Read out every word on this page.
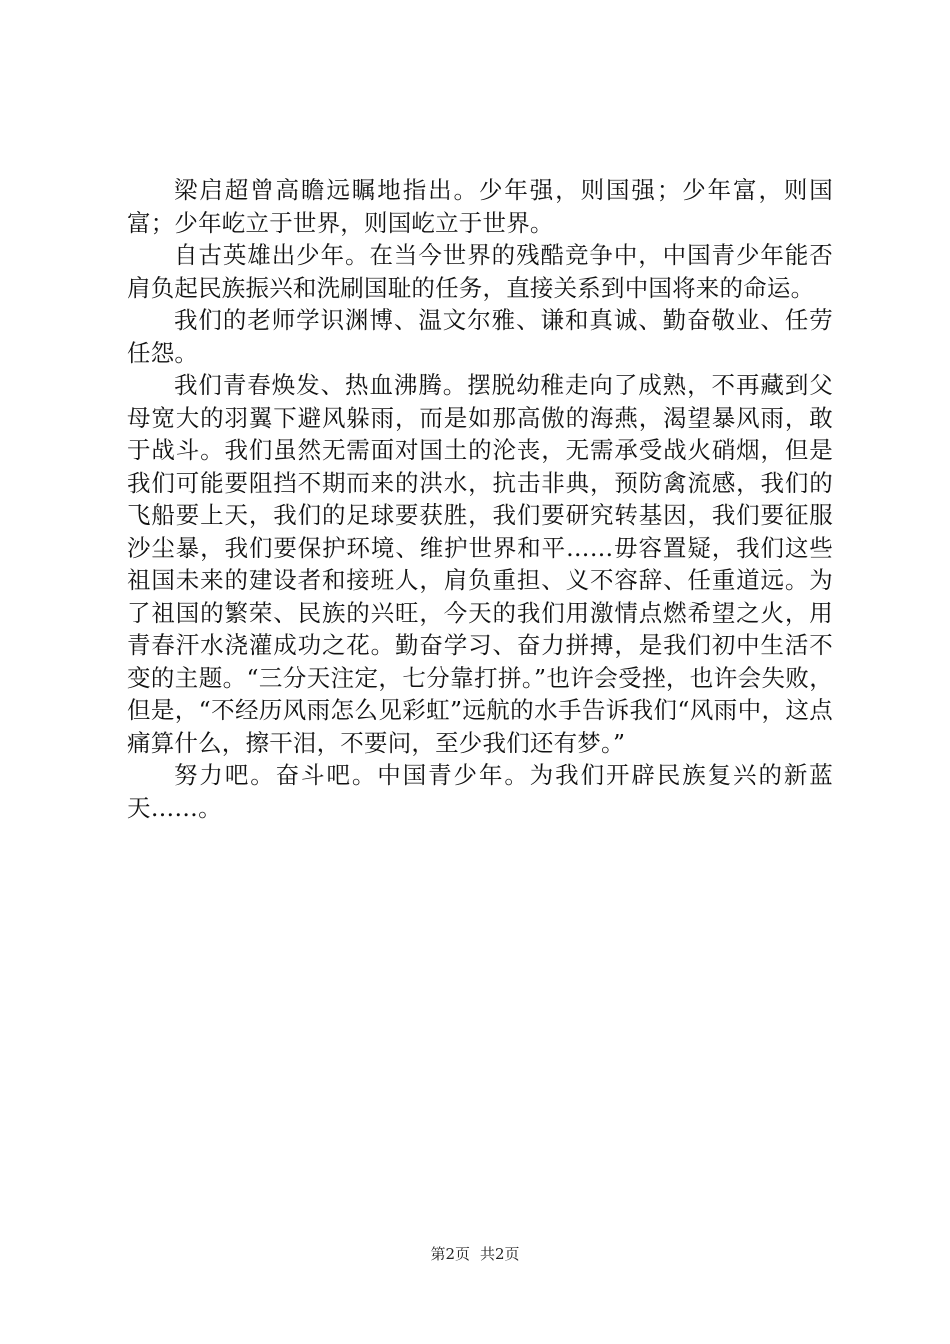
梁启超曾高瞻远瞩地指出。少年强，则国强；少年富，则国富；少年屹立于世界，则国屹立于世界。

自古英雄出少年。在当今世界的残酷竞争中，中国青少年能否肩负起民族振兴和洗刷国耻的任务，直接关系到中国将来的命运。

我们的老师学识渊博、温文尔雅、谦和真诚、勤奋敬业、任劳任怨。

我们青春焕发、热血沸腾。摆脱幼稚走向了成熟，不再藏到父母宽大的羽翼下避风躲雨，而是如那高傲的海燕，渴望暴风雨，敢于战斗。我们虽然无需面对国土的沦丧，无需承受战火硝烟，但是我们可能要阻挡不期而来的洪水，抗击非典，预防禽流感，我们的飞船要上天，我们的足球要获胜，我们要研究转基因，我们要征服沙尘暴，我们要保护环境、维护世界和平……毋容置疑，我们这些祖国未来的建设者和接班人，肩负重担、义不容辞、任重道远。为了祖国的繁荣、民族的兴旺，今天的我们用激情点燃希望之火，用青春汗水浇灌成功之花。勤奋学习、奋力拼搏，是我们初中生活不变的主题。“三分天注定，七分靠打拼。”也许会受挫，也许会失败，但是，“不经历风雨怎么见彩虹”远航的水手告诉我们“风雨中，这点痛算什么，擦干泪，不要问，至少我们还有梦。”

努力吧。奋斗吧。中国青少年。为我们开辟民族复兴的新蓝天……。

第2页 共2页
